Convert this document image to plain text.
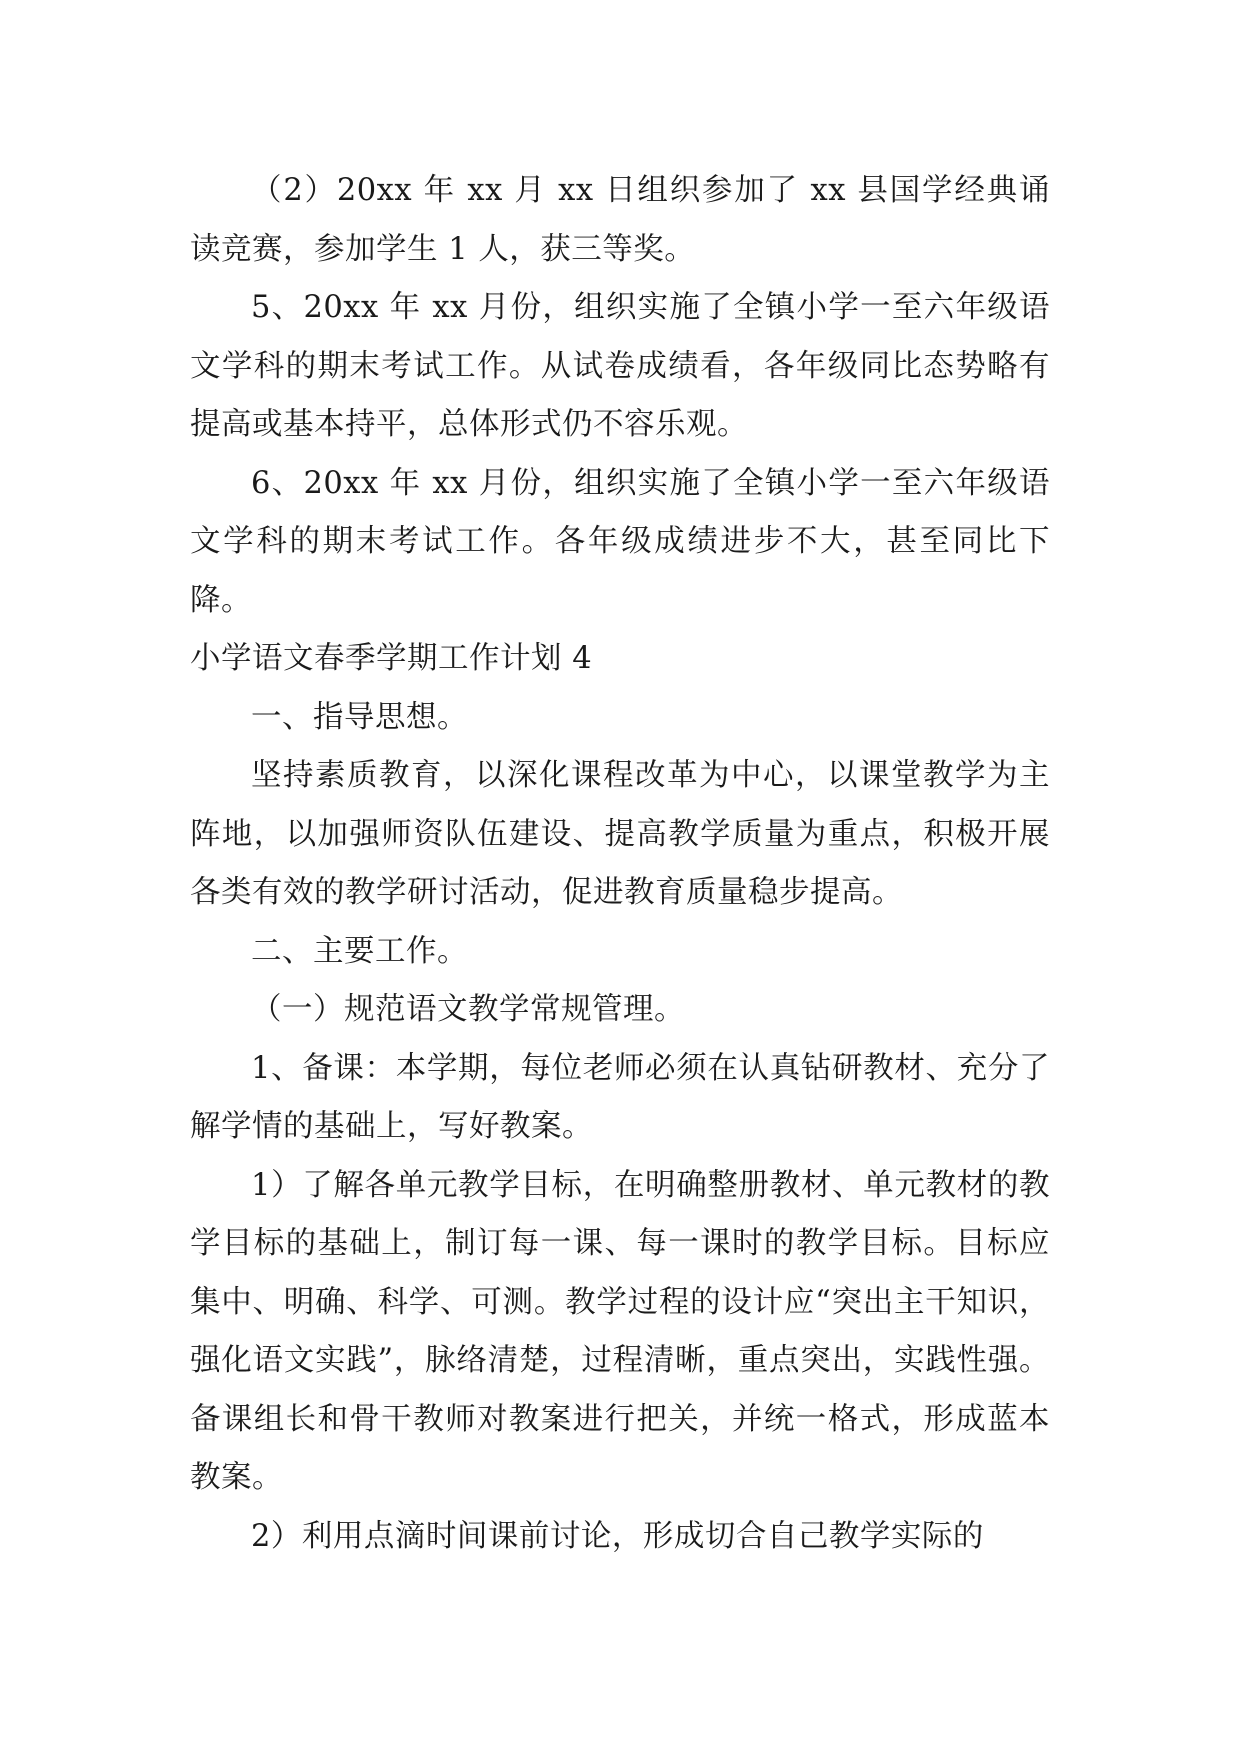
（2）20xx 年 xx 月 xx 日组织参加了 xx 县国学经典诵读竞赛，参加学生 1 人，获三等奖。

5、20xx 年 xx 月份，组织实施了全镇小学一至六年级语文学科的期末考试工作。从试卷成绩看，各年级同比态势略有提高或基本持平，总体形式仍不容乐观。

6、20xx 年 xx 月份，组织实施了全镇小学一至六年级语文学科的期末考试工作。各年级成绩进步不大，甚至同比下降。

小学语文春季学期工作计划 4

一、指导思想。

坚持素质教育，以深化课程改革为中心，以课堂教学为主阵地，以加强师资队伍建设、提高教学质量为重点，积极开展各类有效的教学研讨活动，促进教育质量稳步提高。

二、主要工作。

（一）规范语文教学常规管理。

1、备课：本学期，每位老师必须在认真钻研教材、充分了解学情的基础上，写好教案。

1）了解各单元教学目标，在明确整册教材、单元教材的教学目标的基础上，制订每一课、每一课时的教学目标。目标应集中、明确、科学、可测。教学过程的设计应“突出主干知识，强化语文实践”，脉络清楚，过程清晰，重点突出，实践性强。备课组长和骨干教师对教案进行把关，并统一格式，形成蓝本教案。

2）利用点滴时间课前讨论，形成切合自己教学实际的
